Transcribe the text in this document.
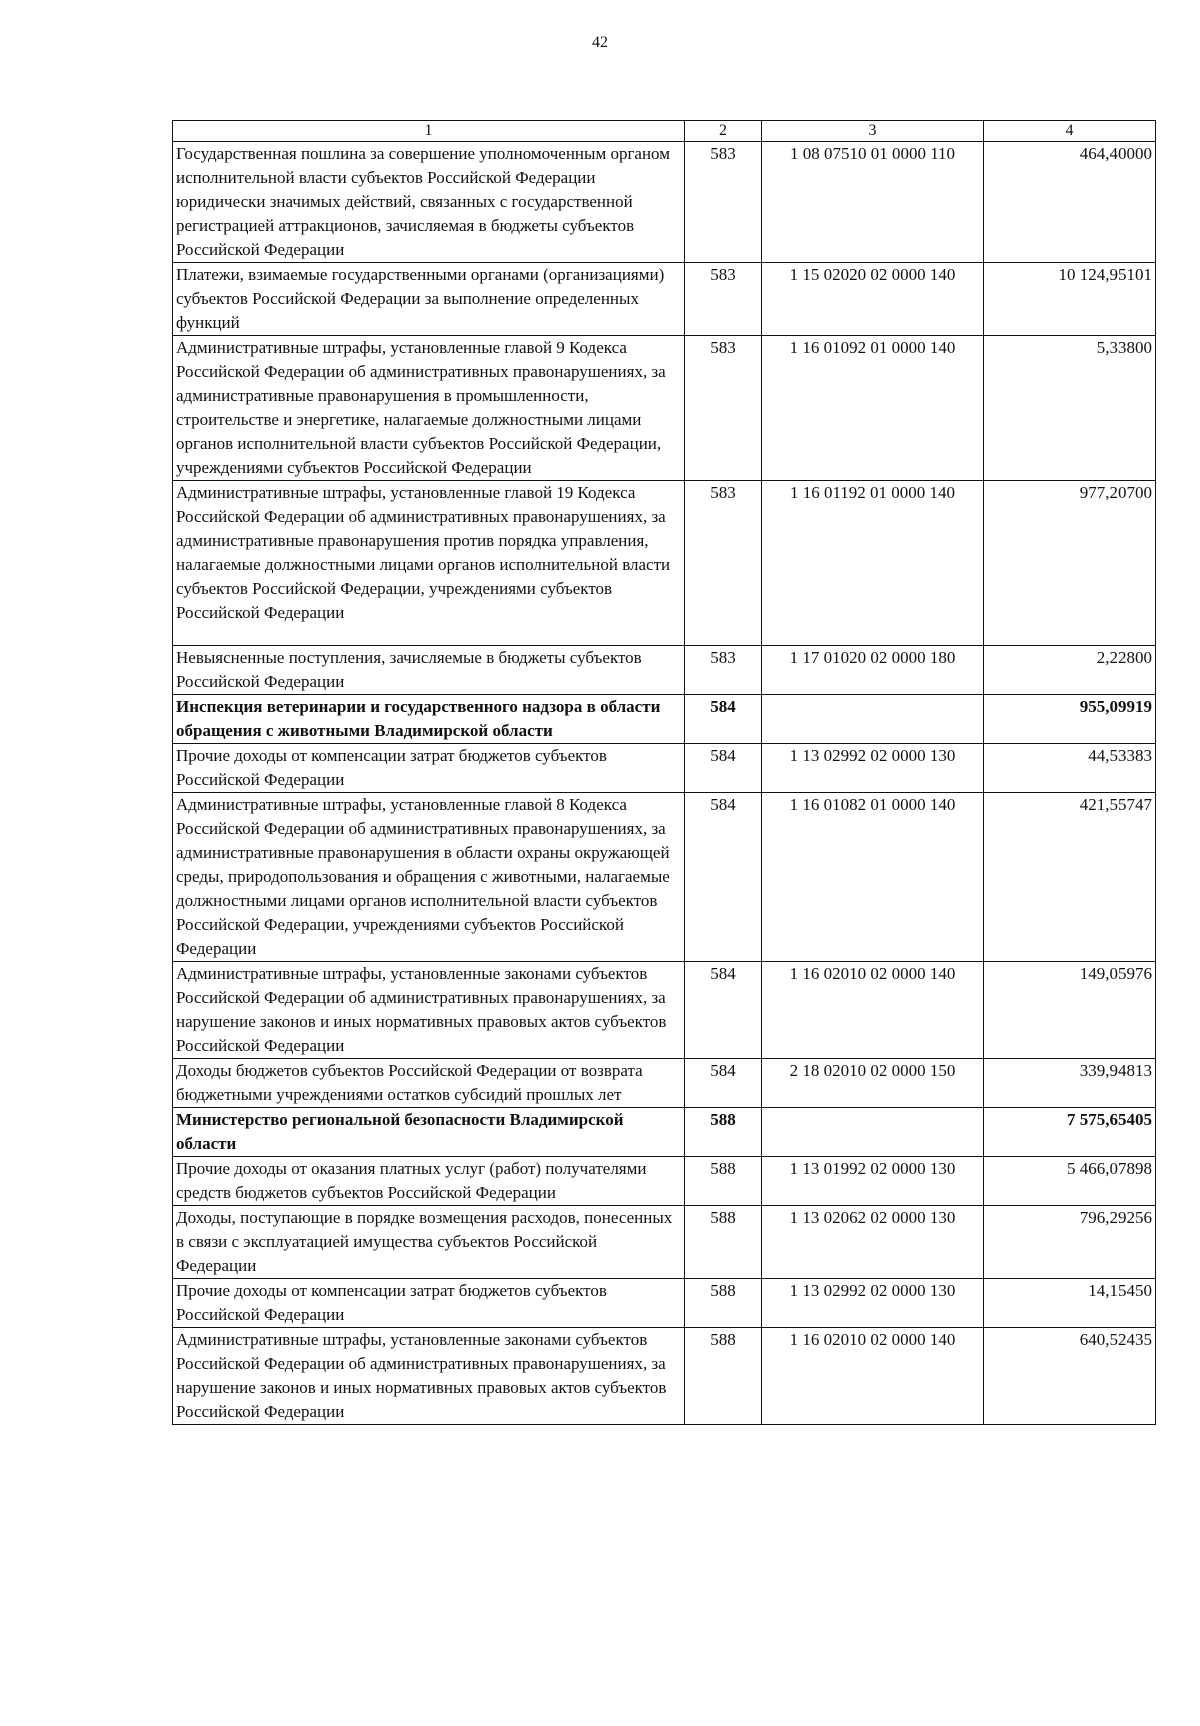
42
1	2	3	4
Государственная пошлина за совершение уполномоченным органом исполнительной власти субъектов Российской Федерации юридически значимых действий, связанных с государственной регистрацией аттракционов, зачисляемая в бюджеты субъектов Российской Федерации	583	1 08 07510 01 0000 110	464,40000
Платежи, взимаемые государственными органами (организациями) субъектов Российской Федерации за выполнение определенных функций	583	1 15 02020 02 0000 140	10 124,95101
Административные штрафы, установленные главой 9 Кодекса Российской Федерации об административных правонарушениях, за административные правонарушения в промышленности, строительстве и энергетике, налагаемые должностными лицами органов исполнительной власти субъектов Российской Федерации, учреждениями субъектов Российской Федерации	583	1 16 01092 01 0000 140	5,33800
Административные штрафы, установленные главой 19 Кодекса Российской Федерации об административных правонарушениях, за административные правонарушения против порядка управления, налагаемые должностными лицами органов исполнительной власти субъектов Российской Федерации, учреждениями субъектов Российской Федерации	583	1 16 01192 01 0000 140	977,20700
Невыясненные поступления, зачисляемые в бюджеты субъектов Российской Федерации	583	1 17 01020 02 0000 180	2,22800
Инспекция ветеринарии и государственного надзора в области обращения с животными Владимирской области	584		955,09919
Прочие доходы от компенсации затрат бюджетов субъектов Российской Федерации	584	1 13 02992 02 0000 130	44,53383
Административные штрафы, установленные главой 8 Кодекса Российской Федерации об административных правонарушениях, за административные правонарушения в области охраны окружающей среды, природопользования и обращения с животными, налагаемые должностными лицами органов исполнительной власти субъектов Российской Федерации, учреждениями субъектов Российской Федерации	584	1 16 01082 01 0000 140	421,55747
Административные штрафы, установленные законами субъектов Российской Федерации об административных правонарушениях, за нарушение законов и иных нормативных правовых актов субъектов Российской Федерации	584	1 16 02010 02 0000 140	149,05976
Доходы бюджетов субъектов Российской Федерации от возврата бюджетными учреждениями остатков субсидий прошлых лет	584	2 18 02010 02 0000 150	339,94813
Министерство региональной безопасности Владимирской области	588		7 575,65405
Прочие доходы от оказания платных услуг (работ) получателями средств бюджетов субъектов Российской Федерации	588	1 13 01992 02 0000 130	5 466,07898
Доходы, поступающие в порядке возмещения расходов, понесенных в связи с эксплуатацией имущества субъектов Российской Федерации	588	1 13 02062 02 0000 130	796,29256
Прочие доходы от компенсации затрат бюджетов субъектов Российской Федерации	588	1 13 02992 02 0000 130	14,15450
Административные штрафы, установленные законами субъектов Российской Федерации об административных правонарушениях, за нарушение законов и иных нормативных правовых актов субъектов Российской Федерации	588	1 16 02010 02 0000 140	640,52435
